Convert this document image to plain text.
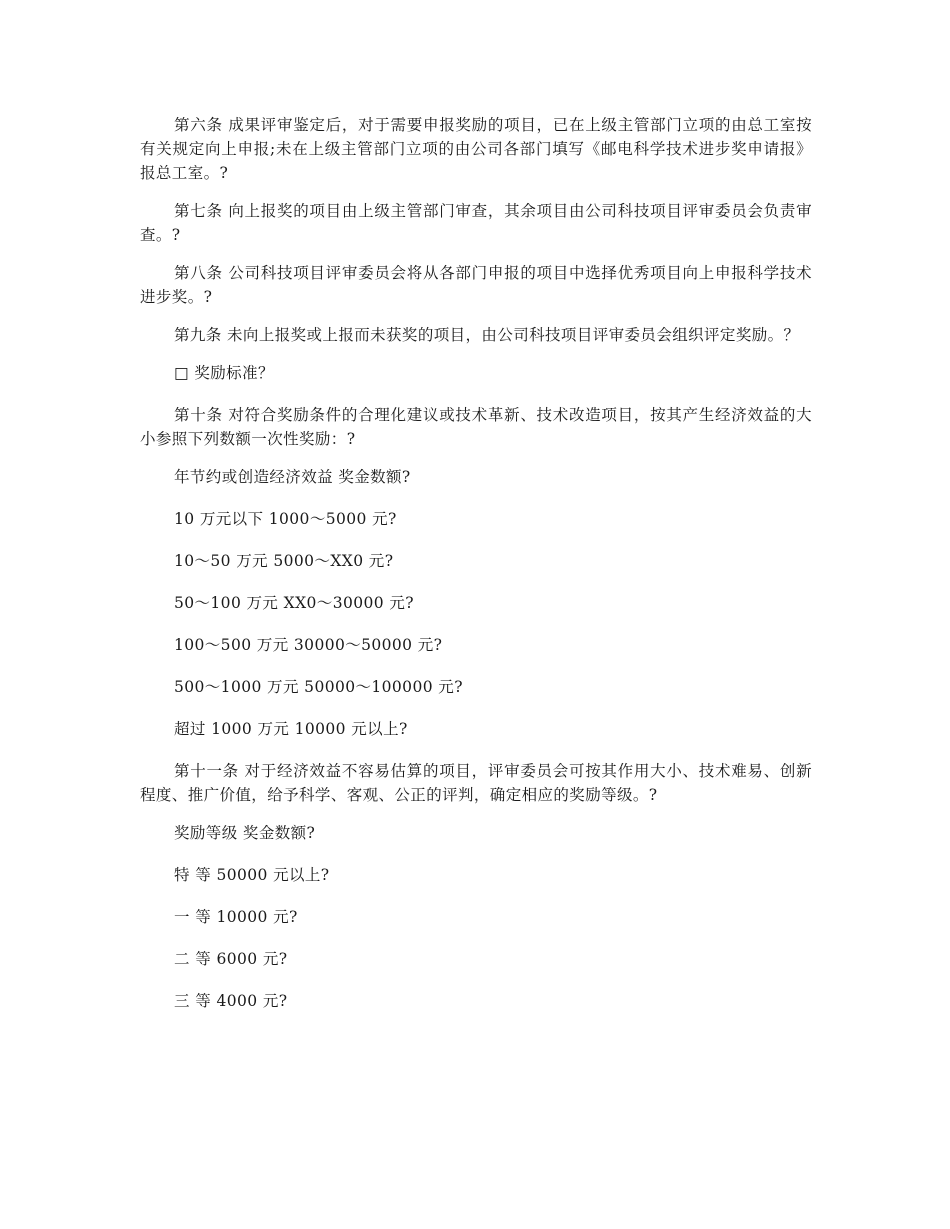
第六条 成果评审鉴定后，对于需要申报奖励的项目，已在上级主管部门立项的由总工室按有关规定向上申报;未在上级主管部门立项的由公司各部门填写《邮电科学技术进步奖申请报》报总工室。?

第七条 向上报奖的项目由上级主管部门审查，其余项目由公司科技项目评审委员会负责审查。?

第八条 公司科技项目评审委员会将从各部门申报的项目中选择优秀项目向上申报科学技术进步奖。?

第九条 未向上报奖或上报而未获奖的项目，由公司科技项目评审委员会组织评定奖励。？

□ 奖励标准？

第十条 对符合奖励条件的合理化建议或技术革新、技术改造项目，按其产生经济效益的大小参照下列数额一次性奖励：?

年节约或创造经济效益 奖金数额?

10 万元以下 1000～5000 元?

10～50 万元 5000～XX0 元?

50～100 万元 XX0～30000 元?

100～500 万元 30000～50000 元?

500～1000 万元 50000～100000 元?

超过 1000 万元 10000 元以上?

第十一条 对于经济效益不容易估算的项目，评审委员会可按其作用大小、技术难易、创新程度、推广价值，给予科学、客观、公正的评判，确定相应的奖励等级。?

奖励等级 奖金数额?

特 等 50000 元以上?

一 等 10000 元?

二 等 6000 元?

三 等 4000 元?
